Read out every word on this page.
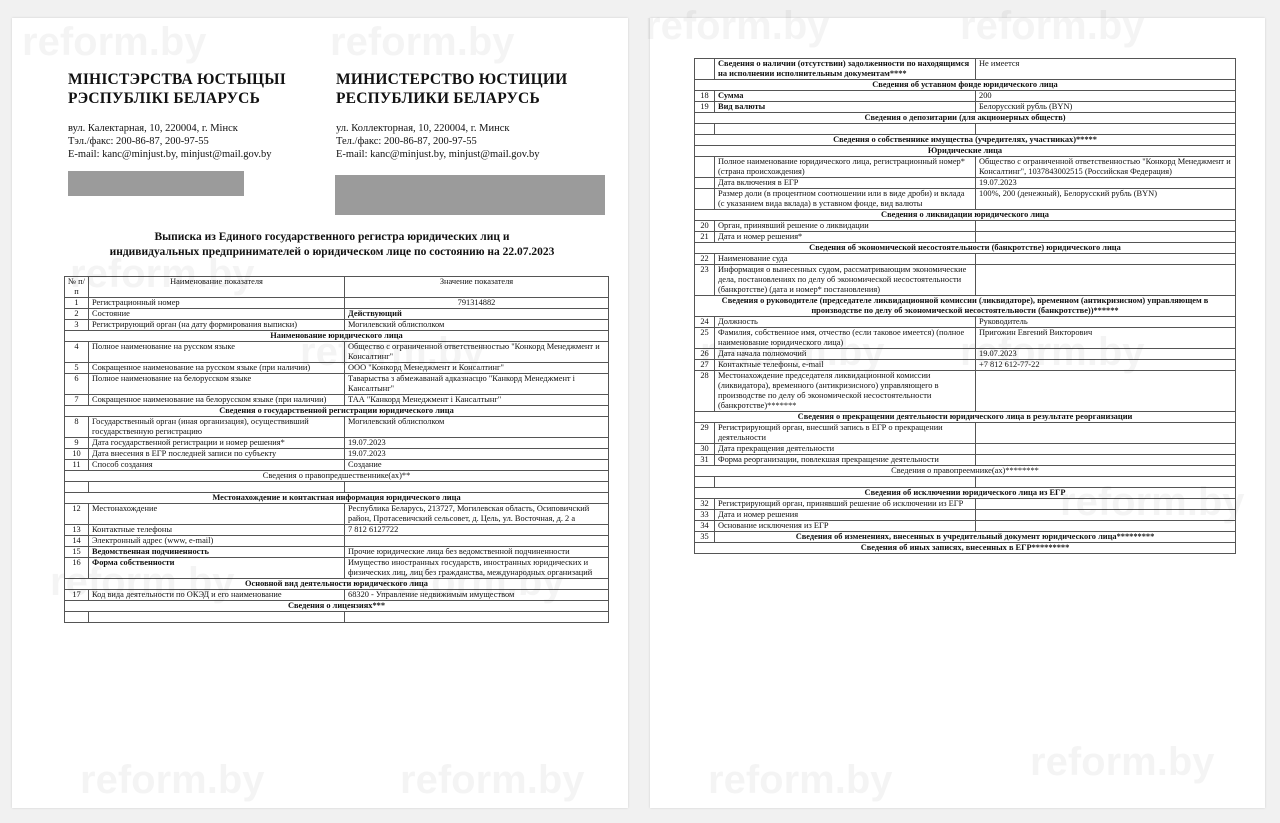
МІНІСТЭРСТВА ЮСТЫЦЫІ
РЭСПУБЛІКІ БЕЛАРУСЬ
вул. Калектарная, 10, 220004, г. Мінск
Тэл./факс: 200-86-87, 200-97-55
E-mail: kanc@minjust.by, minjust@mail.gov.by
МИНИСТЕРСТВО ЮСТИЦИИ
РЕСПУБЛИКИ БЕЛАРУСЬ
ул. Коллекторная, 10, 220004, г. Минск
Тел./факс: 200-86-87, 200-97-55
E-mail: kanc@minjust.by, minjust@mail.gov.by
Выписка из Единого государственного регистра юридических лиц и
индивидуальных предпринимателей о юридическом лице по состоянию на 22.07.2023
№ п/п	Наименование показателя	Значение показателя
1	Регистрационный номер	791314882
2	Состояние	Действующий
3	Регистрирующий орган (на дату формирования выписки)	Могилевский облисполком
Наименование юридического лица		
4	Полное наименование на русском языке	Общество с ограниченной ответственностью "Конкорд Менеджмент и Консалтинг"
5	Сокращенное наименование на русском языке (при наличии)	ООО "Конкорд Менеджмент и Консалтинг"
6	Полное наименование на белорусском языке	Таварыства з абмежаванай адказнасцю "Канкорд Менеджмент і Кансалтынг"
7	Сокращенное наименование на белорусском языке (при наличии)	ТАА "Канкорд Менеджмент і Кансалтынг"
Сведения о государственной регистрации юридического лица		
8	Государственный орган (иная организация), осуществивший государственную регистрацию	Могилевский облисполком
9	Дата государственной регистрации и номер решения*	19.07.2023
10	Дата внесения в ЕГР последней записи по субъекту	19.07.2023
11	Способ создания	Создание
Сведения о правопредшественнике(ах)**		

Местонахождение и контактная информация юридического лица		
12	Местонахождение	Республика Беларусь, 213727, Могилевская область, Осиповичский район, Протасевичский сельсовет, д. Цель, ул. Восточная, д. 2 а
13	Контактные телефоны	7 812 6127722
14	Электронный адрес (www, e-mail)	
15	Ведомственная подчиненность	Прочие юридические лица без ведомственной подчиненности
16	Форма собственности	Имущество иностранных государств, иностранных юридических и физических лиц, лиц без гражданства, международных организаций
Основной вид деятельности юридического лица		
17	Код вида деятельности по ОКЭД и его наименование	68320 - Управление недвижимым имуществом
Сведения о лицензиях***		

	Сведения о наличии (отсутствии) задолженности по находящимся на исполнении исполнительным документам****	Не имеется
Сведения об уставном фонде юридического лица		
18	Сумма	200
19	Вид валюты	Белорусский рубль (BYN)
Сведения о депозитарии (для акционерных обществ)		

Сведения о собственнике имущества (учредителях, участниках)*****		
Юридические лица		
	Полное наименование юридического лица, регистрационный номер* (страна происхождения)	Общество с ограниченной ответственностью "Конкорд Менеджмент и Консалтинг", 1037843002515 (Российская Федерация)
	Дата включения в ЕГР	19.07.2023
	Размер доли (в процентном соотношении или в виде дроби) и вклада (с указанием вида вклада) в уставном фонде, вид валюты	100%, 200 (денежный), Белорусский рубль (BYN)
Сведения о ликвидации юридического лица		
20	Орган, принявший решение о ликвидации	
21	Дата и номер решения*	
Сведения об экономической несостоятельности (банкротстве) юридического лица		
22	Наименование суда	
23	Информация о вынесенных судом, рассматривающим экономические дела, постановлениях по делу об экономической несостоятельности (банкротстве) (дата и номер* постановления)	
Сведения о руководителе (председателе ликвидационной комиссии (ликвидаторе), временном (антикризисном) управляющем в производстве по делу об экономической несостоятельности (банкротстве))******		
24	Должность	Руководитель
25	Фамилия, собственное имя, отчество (если таковое имеется) (полное наименование юридического лица)	Пригожин Евгений Викторович
26	Дата начала полномочий	19.07.2023
27	Контактные телефоны, e-mail	+7 812 612-77-22
28	Местонахождение председателя ликвидационной комиссии (ликвидатора), временного (антикризисного) управляющего в производстве по делу об экономической несостоятельности (банкротстве)*******	
Сведения о прекращении деятельности юридического лица в результате реорганизации		
29	Регистрирующий орган, внесший запись в ЕГР о прекращении деятельности	
30	Дата прекращения деятельности	
31	Форма реорганизации, повлекшая прекращение деятельности	
Сведения о правопреемнике(ах)********		

Сведения об исключении юридического лица из ЕГР		
32	Регистрирующий орган, принявший решение об исключении из ЕГР	
33	Дата и номер решения	
34	Основание исключения из ЕГР	
35	Сведения об изменениях, внесенных в учредительный документ юридического лица*********	
Сведения об иных записях, внесенных в ЕГР*********		
